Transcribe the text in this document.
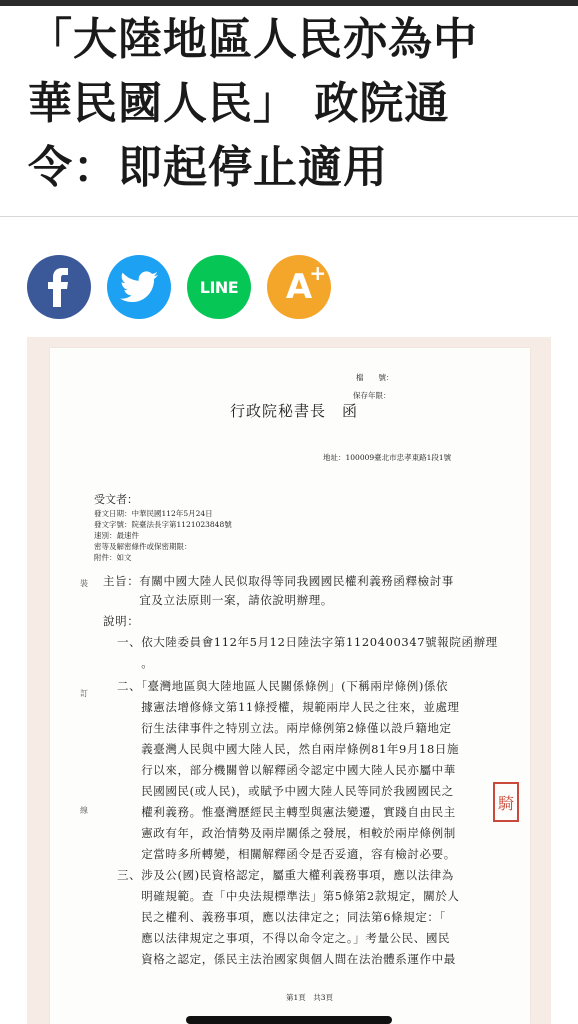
「大陸地區人民亦為中
華民國人民」 政院通
令：即起停止適用
LINE A
+
檔　　號：
保存年限：
行政院秘書長　函
地址：100009臺北市忠孝東路1段1號
受文者：
發文日期：中華民國112年5月24日
發文字號：院臺法長字第1121023848號
速別：最速件
密等及解密條件或保密期限：
附件：如文
主旨：有關中國大陸人民似取得等同我國國民權利義務函釋檢討事
　　　宜及立法原則一案，請依說明辦理。
說明：
一、依大陸委員會112年5月12日陸法字第1120400347號報院函辦理
　　。
二、「臺灣地區與大陸地區人民關係條例」(下稱兩岸條例)係依
　　據憲法增修條文第11條授權，規範兩岸人民之往來，並處理
　　衍生法律事件之特別立法。兩岸條例第2條僅以設戶籍地定
　　義臺灣人民與中國大陸人民，然自兩岸條例81年9月18日施
　　行以來，部分機關曾以解釋函令認定中國大陸人民亦屬中華
　　民國國民(或人民)，或賦予中國大陸人民等同於我國國民之
　　權利義務。惟臺灣歷經民主轉型與憲法變遷，實踐自由民主
　　憲政有年，政治情勢及兩岸關係之發展，相較於兩岸條例制
　　定當時多所轉變，相關解釋函令是否妥適，容有檢討必要。
三、涉及公(國)民資格認定，屬重大權利義務事項，應以法律為
　　明確規範。查「中央法規標準法」第5條第2款規定，關於人
　　民之權利、義務事項，應以法律定之；同法第6條規定：「
　　應以法律規定之事項，不得以命令定之。」考量公民、國民
　　資格之認定，係民主法治國家與個人間在法治體系運作中最
裝
訂
線	騎
第1頁　共3頁
